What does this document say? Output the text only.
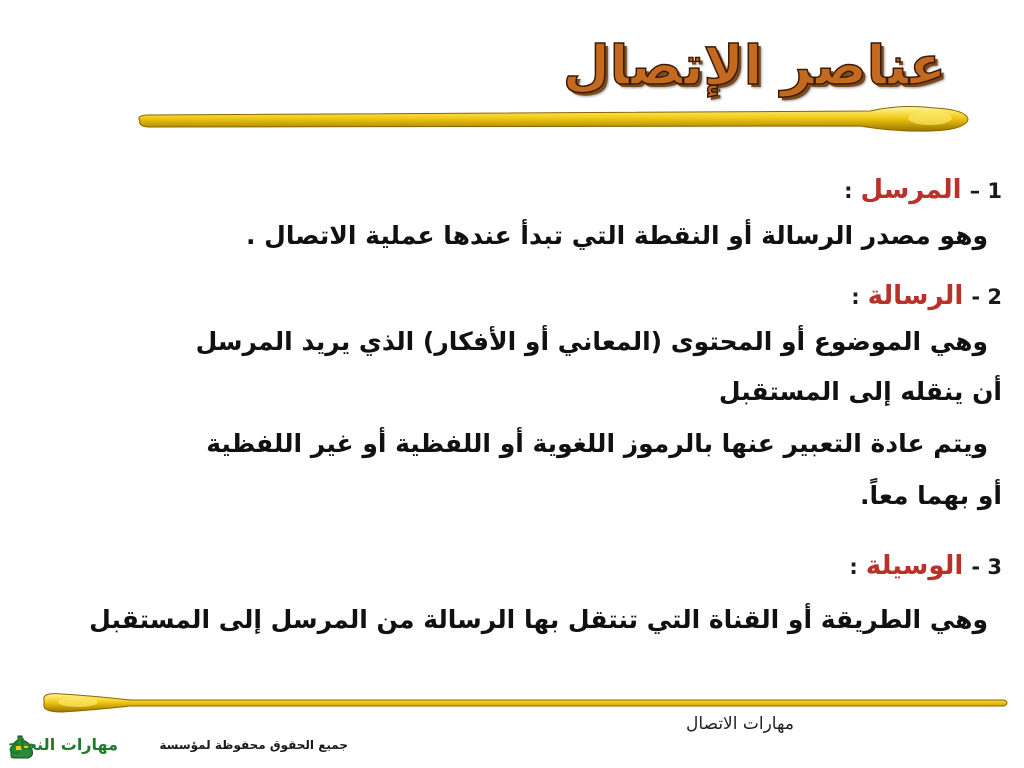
عناصر الإتصال
1 –المرسل:
وهو مصدر الرسالة أو النقطة التي تبدأ عندها عملية الاتصال .
2 -الرسالة:
وهي الموضوع أو المحتوى (المعاني أو الأفكار) الذي يريد المرسل
أن ينقله إلى المستقبل
ويتم عادة التعبير عنها بالرموز اللغوية أو اللفظية أو غير اللفظية
أو بهما معاً.
3 -الوسيلة:
وهي الطريقة أو القناة التي تنتقل بها الرسالة من المرسل إلى المستقبل
مهارات الاتصال
جميع الحقوق محفوظة لمؤسسة
مهارات النجاح
